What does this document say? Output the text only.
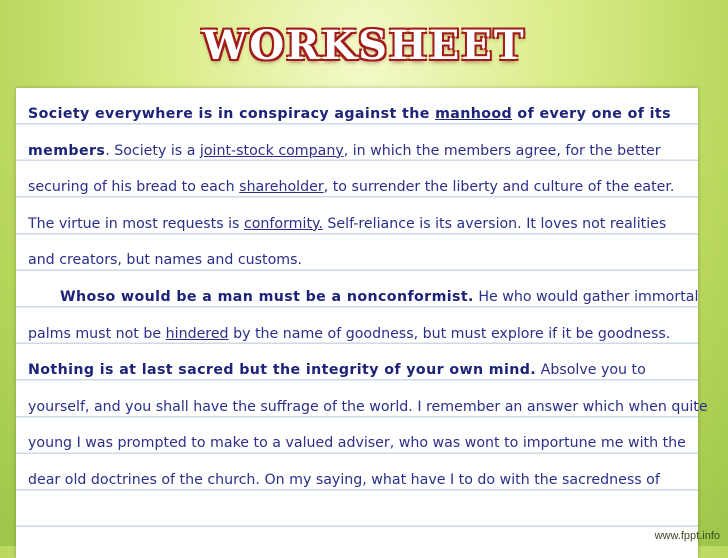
WORKSHEET
Society everywhere is in conspiracy against the manhood of every one of its
members. Society is a joint-stock company, in which the members agree, for the better
securing of his bread to each shareholder, to surrender the liberty and culture of the eater.
The virtue in most requests is conformity. Self-reliance is its aversion. It loves not realities
and creators, but names and customs.
Whoso would be a man must be a nonconformist. He who would gather immortal
palms must not be hindered by the name of goodness, but must explore if it be goodness.
Nothing is at last sacred but the integrity of your own mind. Absolve you to
yourself, and you shall have the suffrage of the world. I remember an answer which when quite
young I was prompted to make to a valued adviser, who was wont to importune me with the
dear old doctrines of the church. On my saying, what have I to do with the sacredness of
www.fppt.info
